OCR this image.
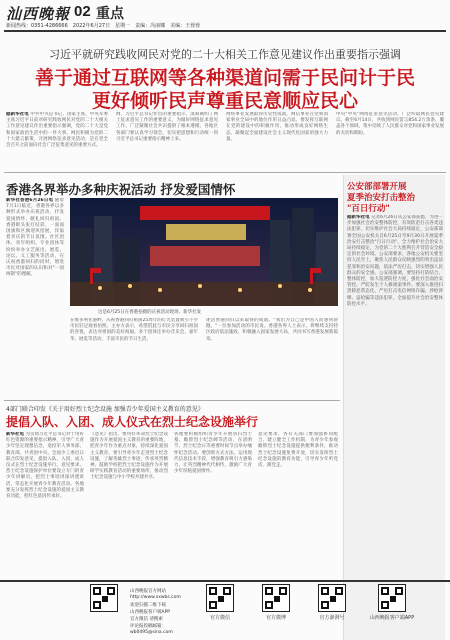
汕西晚報 02 重点
新闻热线：0351-4286666　2022年6月27日　星期一　责编：冯丽娜　美编：王蓉蓉
习近平就研究践收网民对党的二十大相关工作意见建议作出重要指示强调
善于通过互联网等各种渠道问需于民问计于民
更好倾听民声尊重民意顺应民心
据新华社电 中共中央总书记、国家主席、中央军委主席习近平日前对研究践收网民对党的二十大相关工作意见建议作出重要指示强调，党的二十大是党和国家政治生活中的一件大事。网民积极为党的二十大建言献策，开展网络征求意见活动，是在党全会召开之前面向社会广泛征集意见的重要方式。
网，习近平总书记作出的重要指示，深刻阐明了网上征求意见工作的重要意义，为做好网络征求意见工作、广泛凝聚社会共识提供了根本遵循。各地区各部门要认真学习领会，切实把思想和行动统一到习近平总书记重要指示精神上来。
网络事业发展取得历史性成就，网信事业在党和国家事业全局中的地位作用日益凸显。要发挥互联网在党的建设中的积极作用，推动形成良好网络生态，凝聚起全面建设社会主义现代化国家的强大力量。
中央"中央"网络征求意见活动，广泛听取网民意见建议。截至6月14日，共收到网民留言854.2万余条，覆盖各个领域，集中反映了人民群众对党和国家事业发展的关切和期盼。
香港各界举办多种庆祝活动 抒发爱国情怀
新华社香港6月26日电 随着7月1日临近，香港各界以多种形式举办庆祝活动，抒发爱国情怀，献礼回归祖国。香港街头张灯结彩，一面面国旗和区旗迎风招展，洋溢着喜庆的节日氛围。社区团体、青年组织、专业团体等纷纷举办文艺演出、展览、论坛、义工服务等活动，在庆祝香港回归的同时，增进市民对国家的认识和对"一国两制"的理解。
这是6月25日在香港拍摄的庆祝活动现场。新华社发
在维多利亚港畔，庆祝香港回归祖国25周年的灯光装置吸引不少市民驻足观看拍照。主办方表示，希望借此与市民分享回归祖国的喜悦，表达对祖国的美好祝福。多个团体还举办音乐会、嘉年华、展览等活动，丰富市民的节日生活。
述活香港回归以来取得的成就。"我们为自己是中国人而感到骄傲。"一位参加活动的市民说。香港各界人士表示，将继续支持特区政府依法施政，积极融入国家发展大局，共同书写香港发展新篇章。
公安部部署开展
夏季治安打击整治
"百日行动"
据新华社电 记者6月26日从公安部获悉，为进一步加强社会治安整体防控，有效防范打击各类违法犯罪，切实维护社会大局持续稳定，公安部部署全国公安机关自6月25日至9月30日开展夏季治安打击整治"百日行动"，全力维护社会治安大局持续稳定，为党的二十大胜利召开营造安全稳定的社会环境。公安部要求，各地公安机关要坚持人民至上，聚焦人民群众反映强烈的突出违法犯罪和治安问题，依法严厉打击，切实增强人民群众的安全感。公安部强调，要坚持打防结合、整体防控，加大巡逻防控力度，强化社会面治安管控，严防发生个人极端案事件。要深入推进扫黑除恶常态化，严厉打击电信网络诈骗、涉枪涉爆、盗抢骗等违法犯罪，全面提升社会治安整体防控水平。
4部门联合印发《关于用好烈士纪念设施 加强青少年爱国主义教育的意见》
提倡入队、入团、成人仪式在烈士纪念设施举行
新华社电 为贯彻习近平总书记对于用好红色资源的重要指示精神，引导广大青少年坚定理想信念，退役军人事务部、教育部、共青团中央、全国少工委近日联合印发意见，提倡入队、入团、成人仪式在烈士纪念设施举行。意见要求，烈士纪念设施保护单位要设立专门的青少年讲解员，把烈士事迹讲深讲透讲活，常态化开展青少年教育活动。各地要充分发挥烈士纪念设施的爱国主义教育功能，把红色基因传承好。
《意见》指出，要用好革命烈士纪念设施作为开展爱国主义教育的重要阵地，把青少年作为重点对象，持续深化爱国主义教育。要引导青少年走进烈士纪念设施，了解英雄烈士事迹，传承英烈精神。鼓励学校把烈士纪念设施作为开展研学实践教育活动的重要场所，推动烈士纪念设施与中小学校共建共享。
各地要积极组织青少年开展祭扫烈士墓、瞻仰烈士纪念碑等活动，在清明节、烈士纪念日等重要时间节点举办缅怀纪念活动。要创新方式方法，运用现代信息技术手段，增强教育吸引力感染力，让英烈精神代代相传，激励广大青少年厚植爱国情怀。
意见要求，各有关部门要加强协同配合，建立健全工作机制，为青少年参观瞻仰烈士纪念设施提供便利条件，推动烈士纪念设施免费开放，切实发挥烈士纪念设施的教育功能，引导青少年听党话、跟党走。
山西晚报官方网站
http://www.sxwbs.com
欢迎扫描二维下载
山西晚报客户端APP
官方微信 请搜索
评论报投稿邮箱：
wb0495@sina.com
官方微信	官方微博	官方澎湃号	山西晚报客户端APP
